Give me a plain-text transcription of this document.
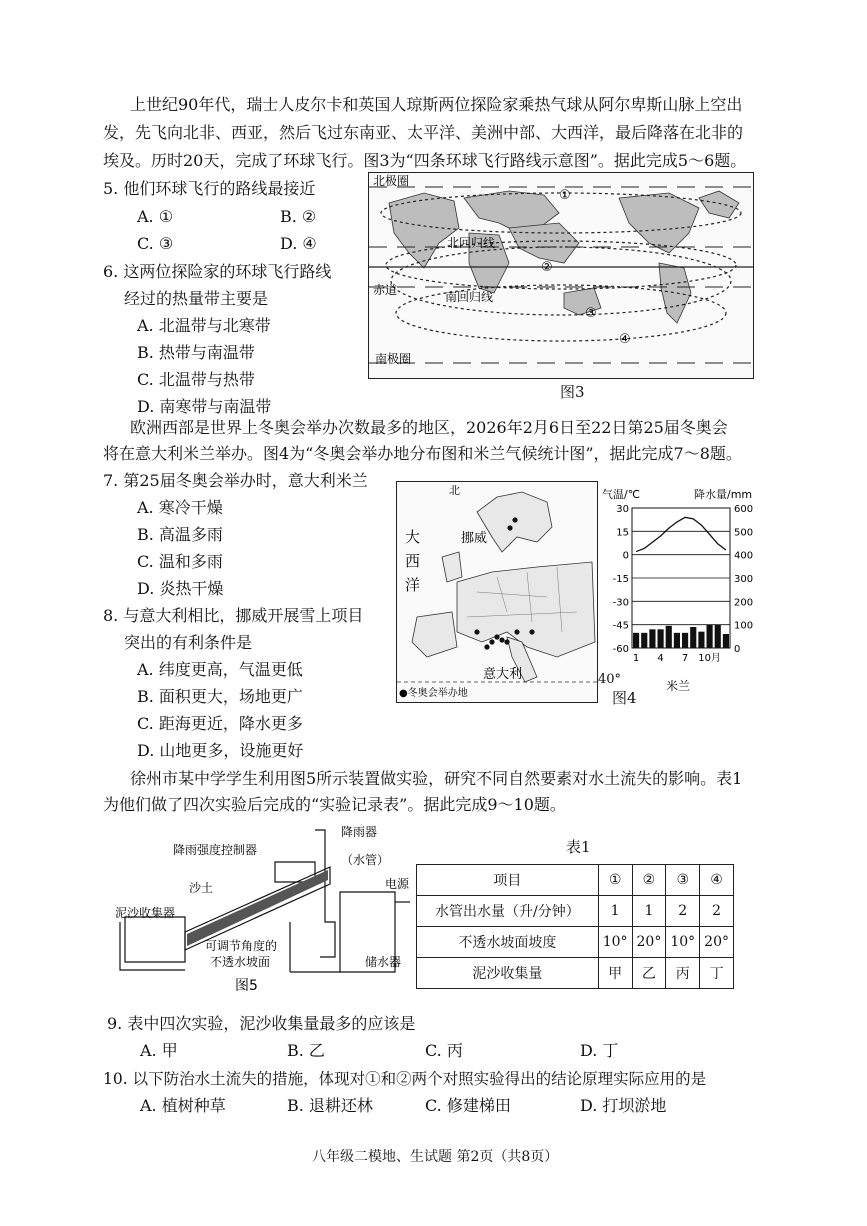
上世纪90年代，瑞士人皮尔卡和英国人琼斯两位探险家乘热气球从阿尔卑斯山脉上空出
发，先飞向北非、西亚，然后飞过东南亚、太平洋、美洲中部、大西洋，最后降落在北非的
埃及。历时20天，完成了环球飞行。图3为“四条环球飞行路线示意图”。据此完成5～6题。
5. 他们环球飞行的路线最接近
A. ①	B. ②
C. ③	D. ④
6. 这两位探险家的环球飞行路线
经过的热量带主要是
A. 北温带与北寒带
B. 热带与南温带
C. 北温带与热带
D. 南寒带与南温带
北极圈
北回归线
赤道	南回归线
南极圈
①
②
③
④
图3
欧洲西部是世界上冬奥会举办次数最多的地区，2026年2月6日至22日第25届冬奥会
将在意大利米兰举办。图4为“冬奥会举办地分布图和米兰气候统计图”，据此完成7～8题。
7. 第25届冬奥会举办时，意大利米兰
A. 寒冷干燥
B. 高温多雨
C. 温和多雨
D. 炎热干燥
8. 与意大利相比，挪威开展雪上项目
突出的有利条件是
A. 纬度更高，气温更低
B. 面积更大，场地更广
C. 距海更近，降水更多
D. 山地更多，设施更好
北
大
西
洋
挪威
意大利
●冬奥会举办地
40°
气温/℃	降水量/mm
30
15
0
-15
-30
-45
-60
600
500
400
300
200
100
0
1 4 7 10月
米兰
图4
徐州市某中学学生利用图5所示装置做实验，研究不同自然要素对水土流失的影响。表1
为他们做了四次实验后完成的“实验记录表”。据此完成9～10题。
降雨强度控制器
降雨器
（水管）
沙土	电源
泥沙收集器
可调节角度的
不透水坡面	储水器
图5
表1
项目	①	②	③	④
水管出水量（升/分钟）	1	1	2	2
不透水坡面坡度	10°	20°	10°	20°
泥沙收集量	甲	乙	丙	丁
9. 表中四次实验，泥沙收集量最多的应该是
A. 甲	B. 乙	C. 丙	D. 丁
10. 以下防治水土流失的措施，体现对①和②两个对照实验得出的结论原理实际应用的是
A. 植树种草	B. 退耕还林	C. 修建梯田	D. 打坝淤地
八年级二模地、生试题 第2页（共8页）
